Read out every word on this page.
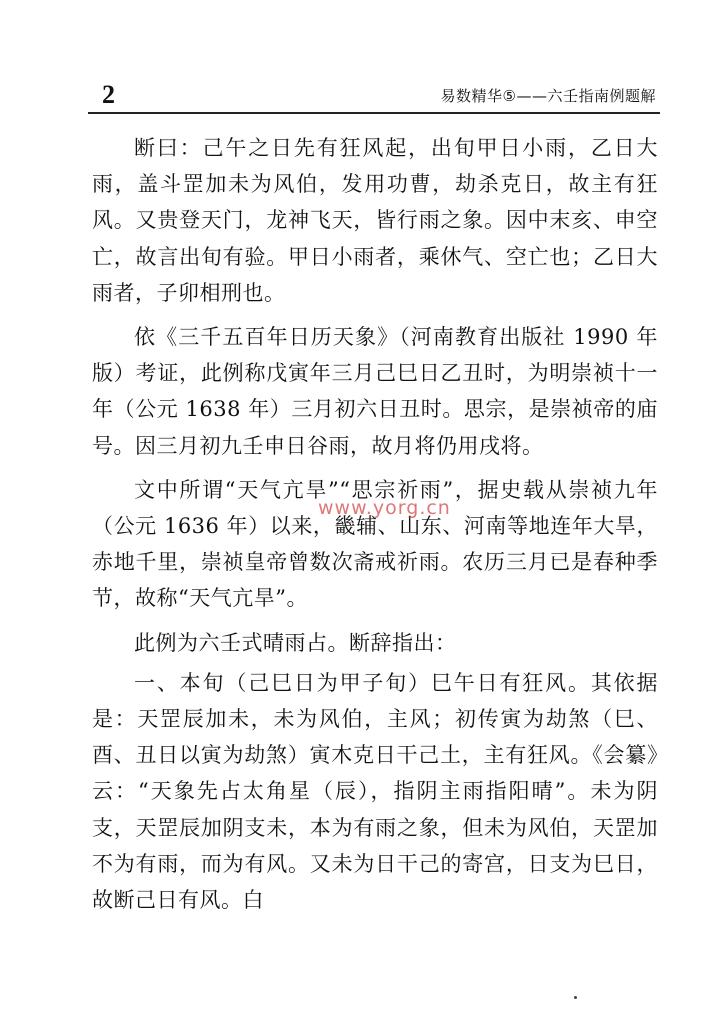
2	易数精华⑤——六壬指南例题解

断曰：己午之日先有狂风起，出旬甲日小雨，乙日大雨，盖斗罡加未为风伯，发用功曹，劫杀克日，故主有狂风。又贵登天门，龙神飞天，皆行雨之象。因中末亥、申空亡，故言出旬有验。甲日小雨者，乘休气、空亡也；乙日大雨者，子卯相刑也。

依《三千五百年日历天象》（河南教育出版社 1990 年版）考证，此例称戊寅年三月己巳日乙丑时，为明崇祯十一年（公元 1638 年）三月初六日丑时。思宗，是崇祯帝的庙号。因三月初九壬申日谷雨，故月将仍用戌将。

文中所谓“天气亢旱”“思宗祈雨”，据史载从崇祯九年（公元 1636 年）以来，畿辅、山东、河南等地连年大旱，赤地千里，崇祯皇帝曾数次斋戒祈雨。农历三月已是春种季节，故称“天气亢旱”。

此例为六壬式晴雨占。断辞指出：

一、本旬（己巳日为甲子旬）巳午日有狂风。其依据是：天罡辰加未，未为风伯，主风；初传寅为劫煞（巳、酉、丑日以寅为劫煞）寅木克日干己土，主有狂风。《会纂》云：“天象先占太角星（辰），指阴主雨指阳晴”。未为阴支，天罡辰加阴支未，本为有雨之象，但未为风伯，天罡加不为有雨，而为有风。又未为日干己的寄宫，日支为巳日，故断己日有风。白

www.yorg.cn
